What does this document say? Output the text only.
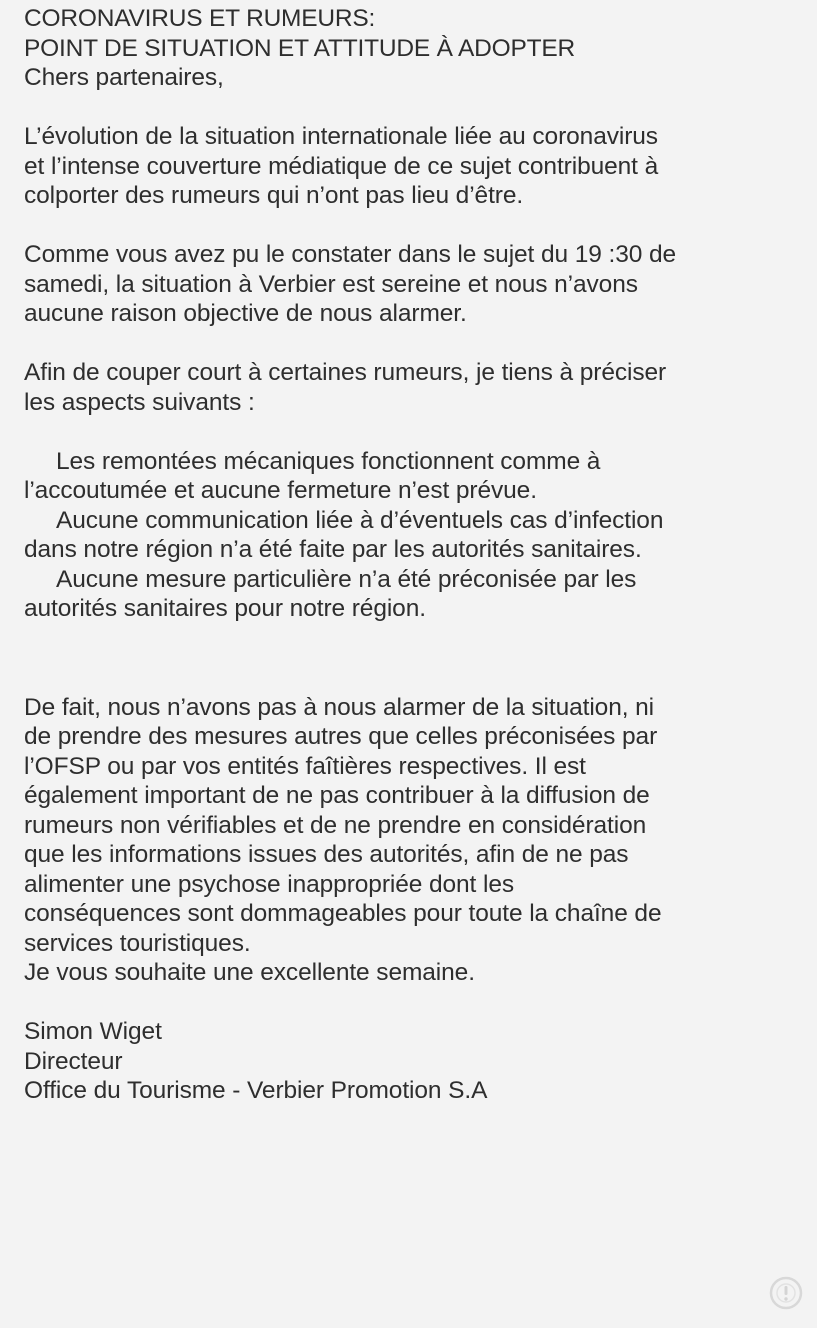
CORONAVIRUS ET RUMEURS:
POINT DE SITUATION ET ATTITUDE À ADOPTER
Chers partenaires,
L’évolution de la situation internationale liée au coronavirus
et l’intense couverture médiatique de ce sujet contribuent à
colporter des rumeurs qui n’ont pas lieu d’être.
Comme vous avez pu le constater dans le sujet du 19 :30 de
samedi, la situation à Verbier est sereine et nous n’avons
aucune raison objective de nous alarmer.
Afin de couper court à certaines rumeurs, je tiens à préciser
les aspects suivants :
Les remontées mécaniques fonctionnent comme à
l’accoutumée et aucune fermeture n’est prévue.
Aucune communication liée à d’éventuels cas d’infection
dans notre région n’a été faite par les autorités sanitaires.
Aucune mesure particulière n’a été préconisée par les
autorités sanitaires pour notre région.
De fait, nous n’avons pas à nous alarmer de la situation, ni
de prendre des mesures autres que celles préconisées par
l’OFSP ou par vos entités faîtières respectives. Il est
également important de ne pas contribuer à la diffusion de
rumeurs non vérifiables et de ne prendre en considération
que les informations issues des autorités, afin de ne pas
alimenter une psychose inappropriée dont les
conséquences sont dommageables pour toute la chaîne de
services touristiques.
Je vous souhaite une excellente semaine.
Simon Wiget
Directeur
Office du Tourisme - Verbier Promotion S.A
